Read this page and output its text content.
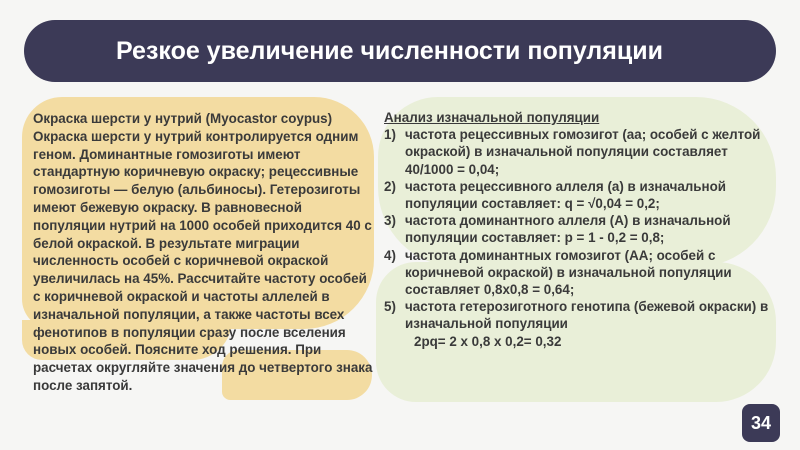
Резкое увеличение численности популяции
Окраска шерсти у нутрий (Myocastor coypus) Окраска шерсти у нутрий контролируется одним геном. Доминантные гомозиготы имеют стандартную коричневую окраску; рецессивные гомозиготы — белую (альбиносы). Гетерозиготы имеют бежевую окраску. В равновесной популяции нутрий на 1000 особей приходится 40 с белой окраской. В результате миграции численность особей с коричневой окраской увеличилась на 45%. Рассчитайте частоту особей с коричневой окраской и частоты аллелей в изначальной популяции, а также частоты всех фенотипов в популяции сразу после вселения новых особей. Поясните ход решения. При расчетах округляйте значения до четвертого знака после запятой.
Анализ изначальной популяции
1) частота рецессивных гомозигот (аа; особей с желтой окраской) в изначальной популяции составляет 40/1000 = 0,04;
2) частота рецессивного аллеля (а) в изначальной популяции составляет: q = √0,04 = 0,2;
3) частота доминантного аллеля (А) в изначальной популяции составляет: p = 1 - 0,2 = 0,8;
4) частота доминантных гомозигот (АА; особей с коричневой окраской) в изначальной популяции составляет 0,8х0,8 = 0,64;
5) частота гетерозиготного генотипа (бежевой окраски) в изначальной популяции
2pq= 2 х 0,8 х 0,2= 0,32
34
